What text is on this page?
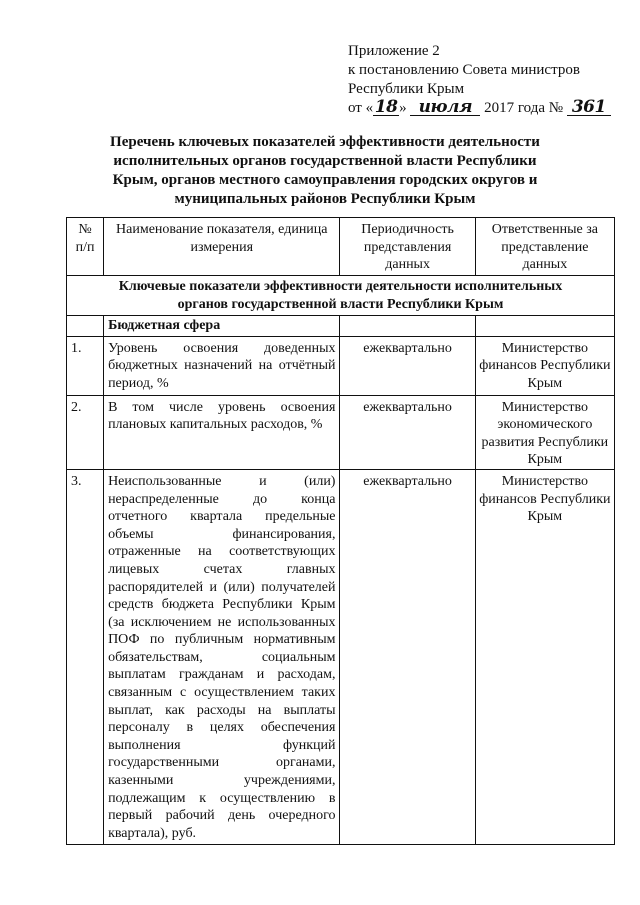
Приложение 2
к постановлению Совета министров
Республики Крым
от «18 » июля 2017 года № 361
Перечень ключевых показателей эффективности деятельности исполнительных органов государственной власти Республики Крым, органов местного самоуправления городских округов и муниципальных районов Республики Крым
№ п/п	Наименование показателя, единица измерения	Периодичность представления данных	Ответственные за представление данных
Ключевые показатели эффективности деятельности исполнительных органов государственной власти Республики Крым			
	Бюджетная сфера		
1.	Уровень освоения доведенных бюджетных назначений на отчётный период, %	ежеквартально	Министерство финансов Республики Крым
2.	В том числе уровень освоения плановых капитальных расходов, %	ежеквартально	Министерство экономического развития Республики Крым
3.	Неиспользованные и (или) нераспределенные до конца отчетного квартала предельные объемы финансирования, отраженные на соответствующих лицевых счетах главных распорядителей и (или) получателей средств бюджета Республики Крым (за исключением не использованных ПОФ по публичным нормативным обязательствам, социальным выплатам гражданам и расходам, связанным с осуществлением таких выплат, как расходы на выплаты персоналу в целях обеспечения выполнения функций государственными органами, казенными учреждениями, подлежащим к осуществлению в первый рабочий день очередного квартала), руб.	ежеквартально	Министерство финансов Республики Крым
